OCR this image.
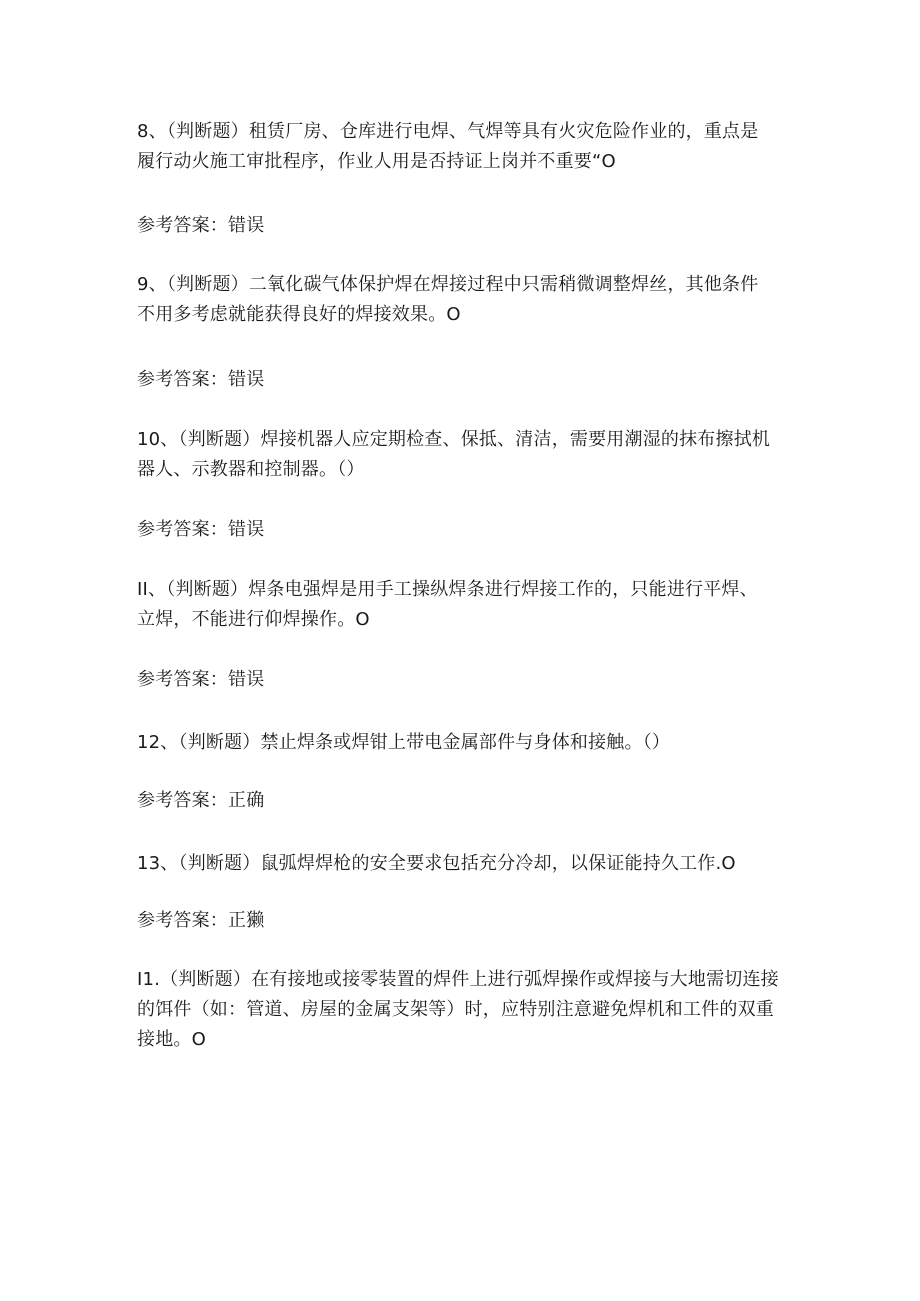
8、（判断题）租赁厂房、仓库进行电焊、气焊等具有火灾危险作业的，重点是
履行动火施工审批程序，作业人用是否持证上岗并不重要“O
参考答案：错误
9、（判断题）二氧化碳气体保护焊在焊接过程中只需稍微调整焊丝，其他条件
不用多考虑就能获得良好的焊接效果。O
参考答案：错误
10、（判断题）焊接机器人应定期检查、保抵、清洁，需要用潮湿的抹布擦拭机
器人、示教器和控制器。（）
参考答案：错误
II、（判断题）焊条电强焊是用手工操纵焊条进行焊接工作的，只能进行平焊、
立焊，不能进行仰焊操作。O
参考答案：错误
12、（判断题）禁止焊条或焊钳上带电金属部件与身体和接触。（）
参考答案：正确
13、（判断题）鼠弧焊焊枪的安全要求包括充分冷却，以保证能持久工作.O
参考答案：正獭
I1.（判断题）在有接地或接零装置的焊件上进行弧焊操作或焊接与大地需切连接
的饵件（如：管道、房屋的金属支架等）时，应特别注意避免焊机和工件的双重
接地。O
